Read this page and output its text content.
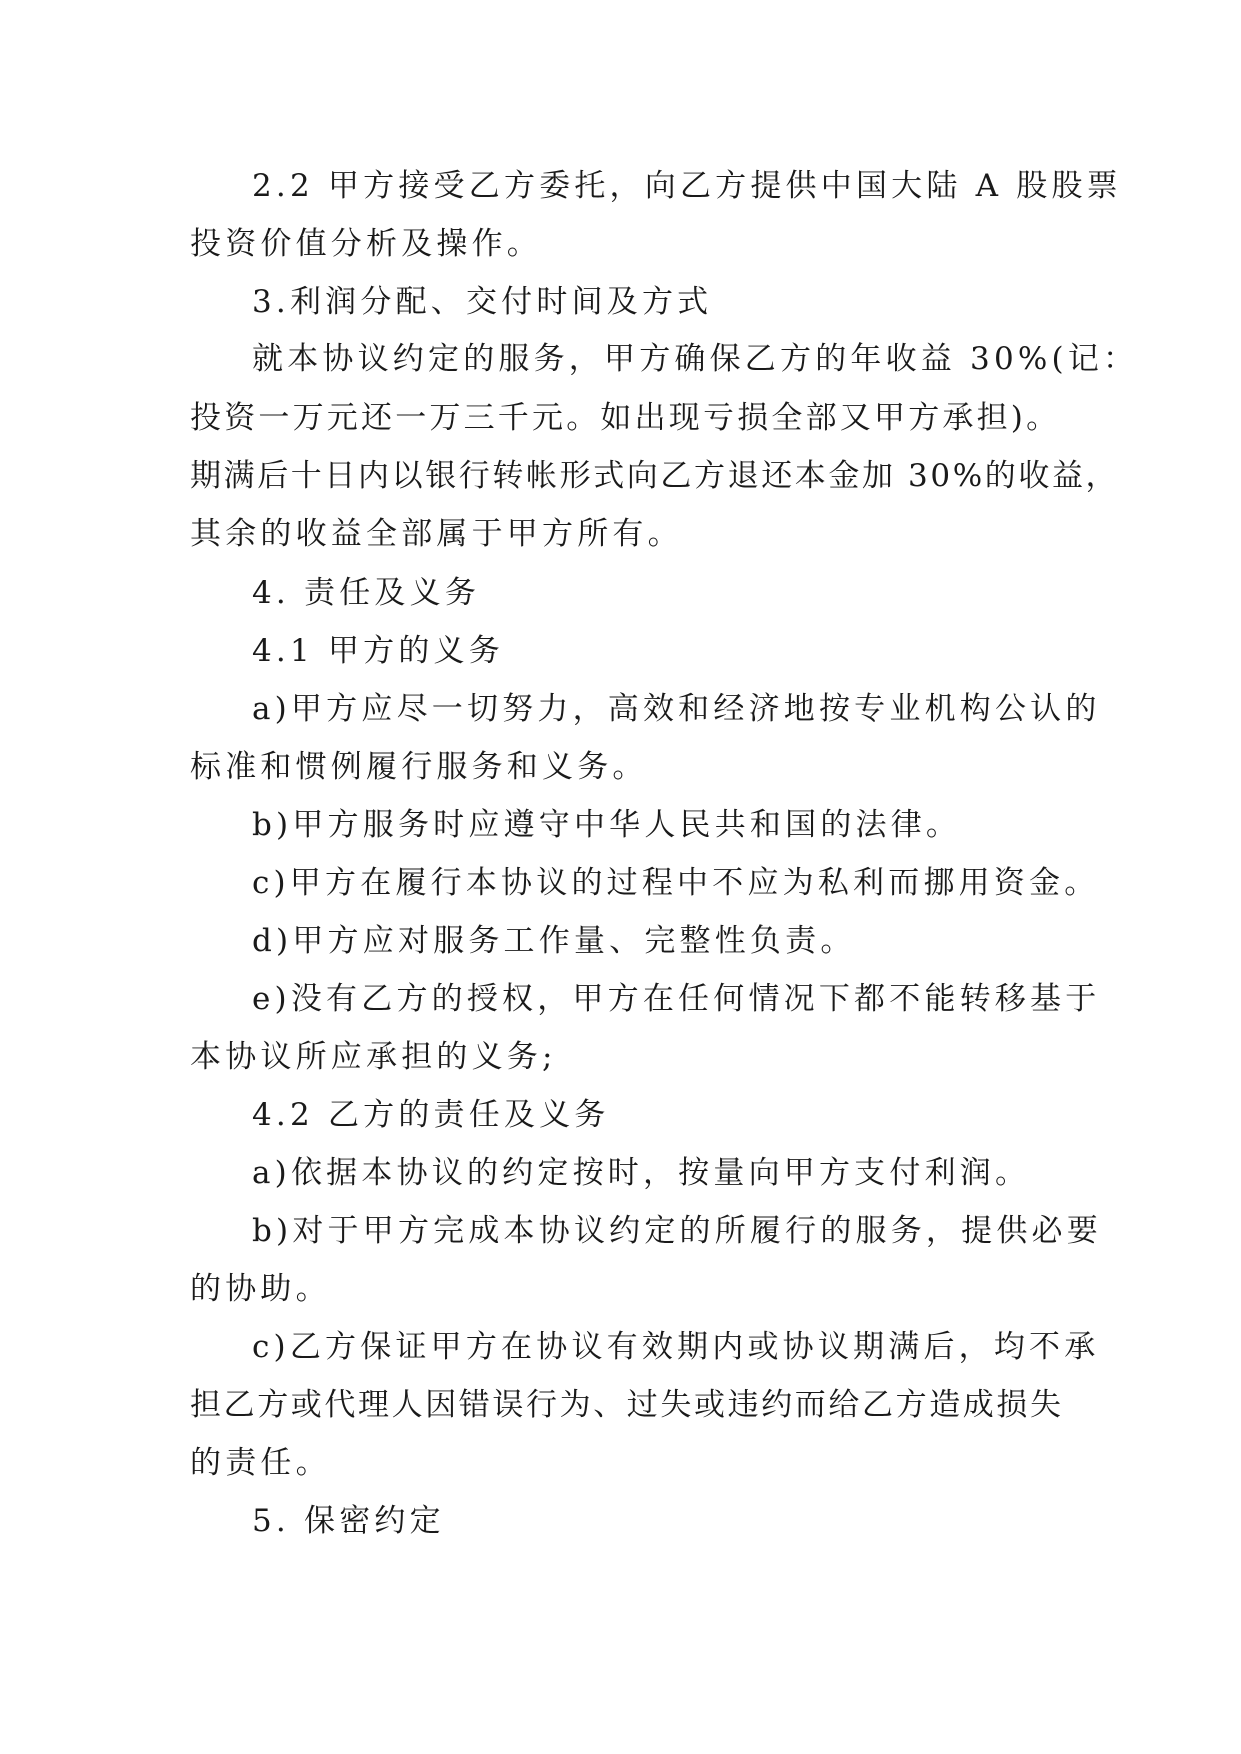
2.2 甲方接受乙方委托，向乙方提供中国大陆 A 股股票
投资价值分析及操作。
3.利润分配、交付时间及方式
就本协议约定的服务，甲方确保乙方的年收益 30%(记：
投资一万元还一万三千元。如出现亏损全部又甲方承担)。
期满后十日内以银行转帐形式向乙方退还本金加 30%的收益，
其余的收益全部属于甲方所有。
4. 责任及义务
4.1 甲方的义务
a)甲方应尽一切努力，高效和经济地按专业机构公认的
标准和惯例履行服务和义务。
b)甲方服务时应遵守中华人民共和国的法律。
c)甲方在履行本协议的过程中不应为私利而挪用资金。
d)甲方应对服务工作量、完整性负责。
e)没有乙方的授权，甲方在任何情况下都不能转移基于
本协议所应承担的义务;
4.2 乙方的责任及义务
a)依据本协议的约定按时，按量向甲方支付利润。
b)对于甲方完成本协议约定的所履行的服务，提供必要
的协助。
c)乙方保证甲方在协议有效期内或协议期满后，均不承
担乙方或代理人因错误行为、过失或违约而给乙方造成损失
的责任。
5. 保密约定
